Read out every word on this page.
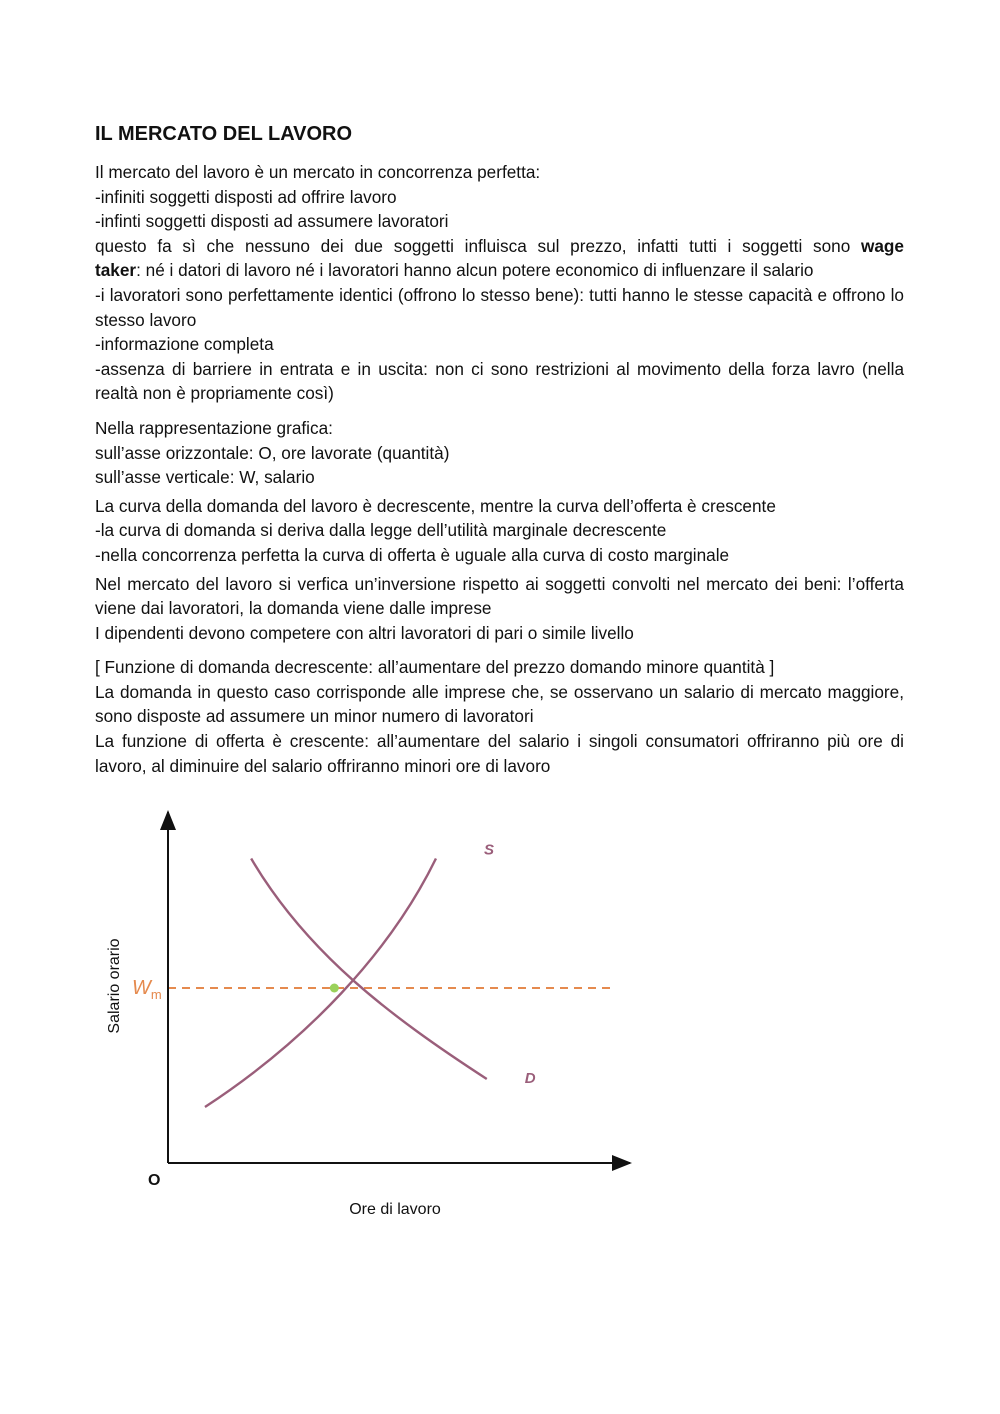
IL MERCATO DEL LAVORO
Il mercato del lavoro è un mercato in concorrenza perfetta:
-infiniti soggetti disposti ad offrire lavoro
-infinti soggetti disposti ad assumere lavoratori
questo fa sì che nessuno dei due soggetti influisca sul prezzo, infatti tutti i soggetti sono wage
taker: né i datori di lavoro né i lavoratori hanno alcun potere economico di influenzare il salario
-i lavoratori sono perfettamente identici (offrono lo stesso bene): tutti hanno le stesse capacità e offrono lo stesso lavoro
-informazione completa
-assenza di barriere in entrata e in uscita: non ci sono restrizioni al movimento della forza lavro (nella realtà non è propriamente così)
Nella rappresentazione grafica:
sull’asse orizzontale: O, ore lavorate (quantità)
sull’asse verticale: W, salario
La curva della domanda del lavoro è decrescente, mentre la curva dell’offerta è crescente
-la curva di domanda si deriva dalla legge dell’utilità marginale decrescente
-nella concorrenza perfetta la curva di offerta è uguale alla curva di costo marginale
Nel mercato del lavoro si verfica un’inversione rispetto ai soggetti convolti nel mercato dei beni: l’offerta viene dai lavoratori, la domanda viene dalle imprese
I dipendenti devono competere con altri lavoratori di pari o simile livello
[ Funzione di domanda decrescente: all’aumentare del prezzo domando minore quantità ]
La domanda in questo caso corrisponde alle imprese che, se osservano un salario di mercato maggiore, sono disposte ad assumere un minor numero di lavoratori
La funzione di offerta è crescente: all’aumentare del salario i singoli consumatori offriranno più ore di lavoro, al diminuire del salario offriranno minori ore di lavoro
S
D
O
Ore di lavoro
Salario orario $W_m$
